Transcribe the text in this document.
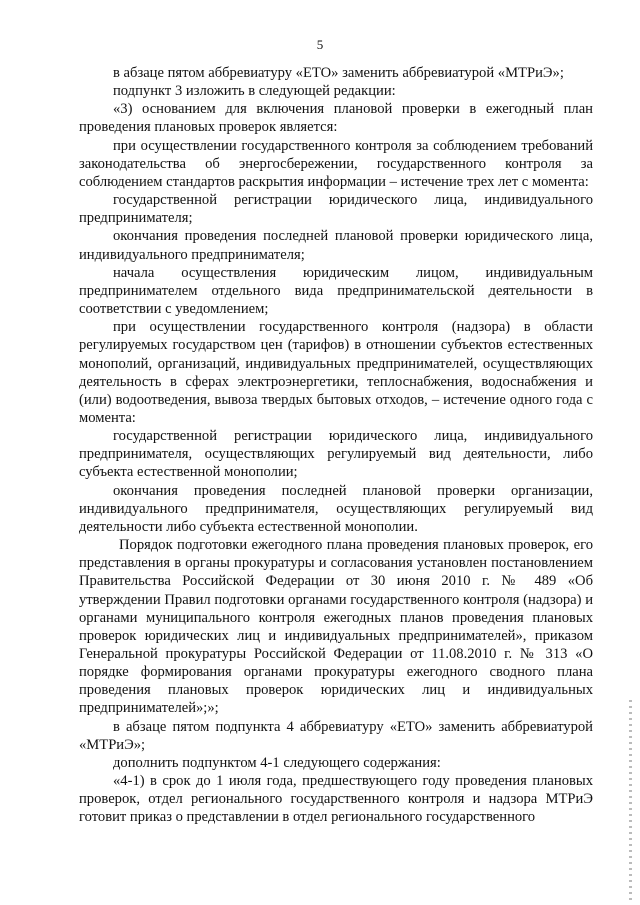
5

в абзаце пятом аббревиатуру «ЕТО» заменить аббревиатурой «МТРиЭ»;

подпункт 3 изложить в следующей редакции:

«3) основанием для включения плановой проверки в ежегодный план проведения плановых проверок является:

при осуществлении государственного контроля за соблюдением требований законодательства об энергосбережении, государственного контроля за соблюдением стандартов раскрытия информации – истечение трех лет с момента:

государственной регистрации юридического лица, индивидуального предпринимателя;

окончания проведения последней плановой проверки юридического лица, индивидуального предпринимателя;

начала осуществления юридическим лицом, индивидуальным предпринимателем отдельного вида предпринимательской деятельности в соответствии с уведомлением;

при осуществлении государственного контроля (надзора) в области регулируемых государством цен (тарифов) в отношении субъектов естественных монополий, организаций, индивидуальных предпринимателей, осуществляющих деятельность в сферах электроэнергетики, теплоснабжения, водоснабжения и (или) водоотведения, вывоза твердых бытовых отходов, – истечение одного года с момента:

государственной регистрации юридического лица, индивидуального предпринимателя, осуществляющих регулируемый вид деятельности, либо субъекта естественной монополии;

окончания проведения последней плановой проверки организации, индивидуального предпринимателя, осуществляющих регулируемый вид деятельности либо субъекта естественной монополии.

Порядок подготовки ежегодного плана проведения плановых проверок, его представления в органы прокуратуры и согласования установлен постановлением Правительства Российской Федерации от 30 июня 2010 г. № 489 «Об утверждении Правил подготовки органами государственного контроля (надзора) и органами муниципального контроля ежегодных планов проведения плановых проверок юридических лиц и индивидуальных предпринимателей», приказом Генеральной прокуратуры Российской Федерации от 11.08.2010 г. № 313 «О порядке формирования органами прокуратуры ежегодного сводного плана проведения плановых проверок юридических лиц и индивидуальных предпринимателей»;»;

в абзаце пятом подпункта 4 аббревиатуру «ЕТО» заменить аббревиатурой «МТРиЭ»;

дополнить подпунктом 4-1 следующего содержания:

«4-1) в срок до 1 июля года, предшествующего году проведения плановых проверок, отдел регионального государственного контроля и надзора МТРиЭ готовит приказ о представлении в отдел регионального государственного
